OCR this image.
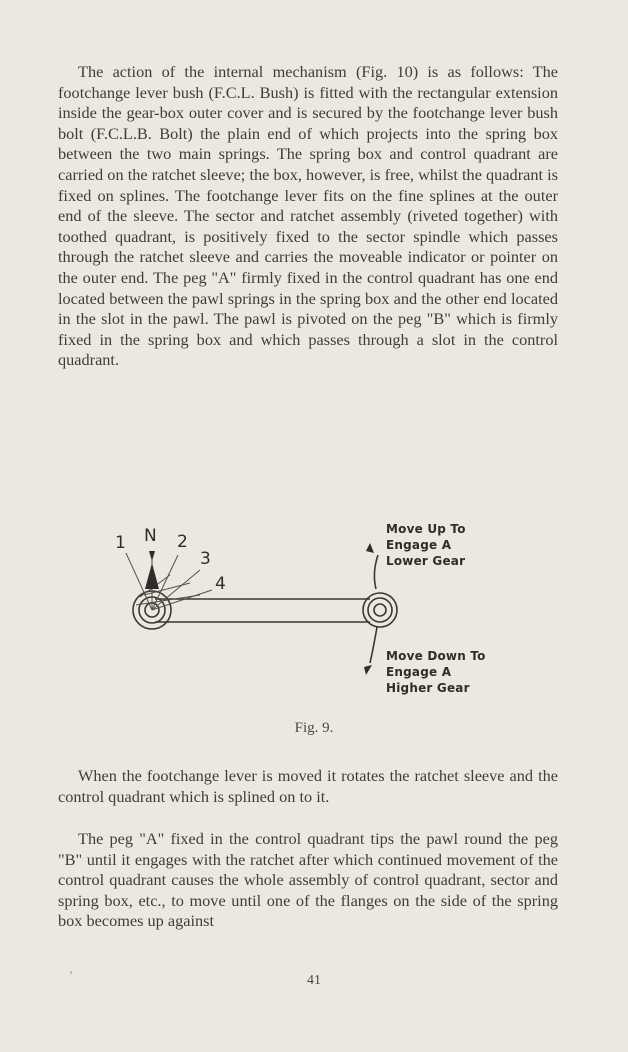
The action of the internal mechanism (Fig. 10) is as follows: The footchange lever bush (F.C.L. Bush) is fitted with the rectangular extension inside the gear-box outer cover and is secured by the footchange lever bush bolt (F.C.L.B. Bolt) the plain end of which projects into the spring box between the two main springs. The spring box and control quadrant are carried on the ratchet sleeve; the box, however, is free, whilst the quadrant is fixed on splines. The footchange lever fits on the fine splines at the outer end of the sleeve. The sector and ratchet assembly (riveted together) with toothed quadrant, is positively fixed to the sector spindle which passes through the ratchet sleeve and carries the moveable indicator or pointer on the outer end. The peg "A" firmly fixed in the control quadrant has one end located between the pawl springs in the spring box and the other end located in the slot in the pawl. The pawl is pivoted on the peg "B" which is firmly fixed in the spring box and which passes through a slot in the control quadrant.

1 N 2
3
4
Move Up To
Engage A
Lower Gear
Move Down To
Engage A
Higher Gear
Fig. 9.

When the footchange lever is moved it rotates the ratchet sleeve and the control quadrant which is splined on to it.

The peg "A" fixed in the control quadrant tips the pawl round the peg "B" until it engages with the ratchet after which continued movement of the control quadrant causes the whole assembly of control quadrant, sector and spring box, etc., to move until one of the flanges on the side of the spring box becomes up against

'	41
